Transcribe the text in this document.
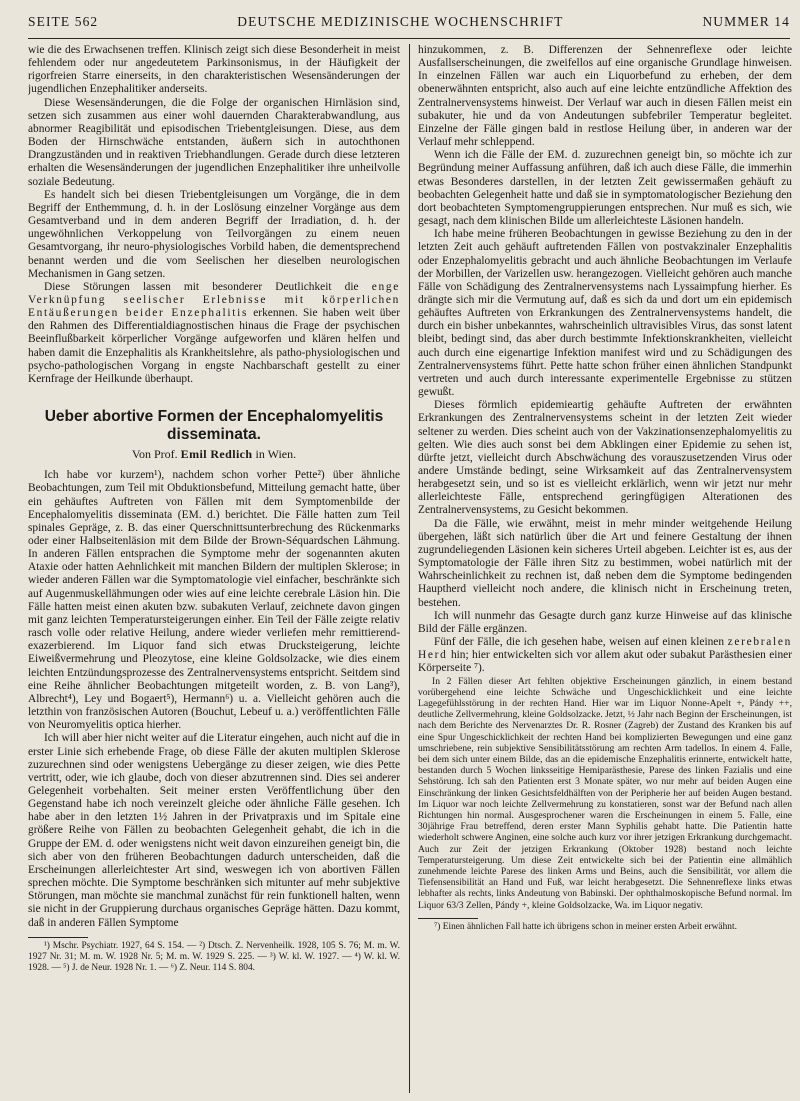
SEITE 562	DEUTSCHE MEDIZINISCHE WOCHENSCHRIFT	NUMMER 14

wie die des Erwachsenen treffen. Klinisch zeigt sich diese Besonderheit in meist fehlendem oder nur angedeutetem Parkinsonismus, in der Häufigkeit der rigorfreien Starre einerseits, in den charakteristischen Wesensänderungen der jugendlichen Enzephalitiker anderseits.

Diese Wesensänderungen, die die Folge der organischen Hirnläsion sind, setzen sich zusammen aus einer wohl dauernden Charakterabwandlung, aus abnormer Reagibilität und episodischen Triebentgleisungen. Diese, aus dem Boden der Hirnschwäche entstanden, äußern sich in autochthonen Drangzuständen und in reaktiven Triebhandlungen. Gerade durch diese letzteren erhalten die Wesensänderungen der jugendlichen Enzephalitiker ihre unheilvolle soziale Bedeutung.

Es handelt sich bei diesen Triebentgleisungen um Vorgänge, die in dem Begriff der Enthemmung, d. h. in der Loslösung einzelner Vorgänge aus dem Gesamtverband und in dem anderen Begriff der Irradiation, d. h. der ungewöhnlichen Verkoppelung von Teilvorgängen zu einem neuen Gesamtvorgang, ihr neuro-physiologisches Vorbild haben, die dementsprechend benannt werden und die vom Seelischen her dieselben neurologischen Mechanismen in Gang setzen.

Diese Störungen lassen mit besonderer Deutlichkeit die enge Verknüpfung seelischer Erlebnisse mit körperlichen Entäußerungen beider Enzephalitis erkennen. Sie haben weit über den Rahmen des Differentialdiagnostischen hinaus die Frage der psychischen Beeinflußbarkeit körperlicher Vorgänge aufgeworfen und klären helfen und haben damit die Enzephalitis als Krankheitslehre, als patho-physiologischen und psycho-pathologischen Vorgang in engste Nachbarschaft gestellt zu einer Kernfrage der Heilkunde überhaupt.

Ueber abortive Formen der Encephalomyelitis disseminata.
Von Prof. Emil Redlich in Wien.

Ich habe vor kurzem¹), nachdem schon vorher Pette²) über ähnliche Beobachtungen, zum Teil mit Obduktionsbefund, Mitteilung gemacht hatte, über ein gehäuftes Auftreten von Fällen mit dem Symptomenbilde der Encephalomyelitis disseminata (EM. d.) berichtet. Die Fälle hatten zum Teil spinales Gepräge, z. B. das einer Querschnittsunterbrechung des Rückenmarks oder einer Halbseitenläsion mit dem Bilde der Brown-Séquardschen Lähmung. In anderen Fällen entsprachen die Symptome mehr der sogenannten akuten Ataxie oder hatten Aehnlichkeit mit manchen Bildern der multiplen Sklerose; in wieder anderen Fällen war die Symptomatologie viel einfacher, beschränkte sich auf Augenmuskellähmungen oder wies auf eine leichte cerebrale Läsion hin. Die Fälle hatten meist einen akuten bzw. subakuten Verlauf, zeichnete davon gingen mit ganz leichten Temperatursteigerungen einher. Ein Teil der Fälle zeigte relativ rasch volle oder relative Heilung, andere wieder verliefen mehr remittierend-exazerbierend. Im Liquor fand sich etwas Drucksteigerung, leichte Eiweißvermehrung und Pleozytose, eine kleine Goldsolzacke, wie dies einem leichten Entzündungsprozesse des Zentralnervensystems entspricht. Seitdem sind eine Reihe ähnlicher Beobachtungen mitgeteilt worden, z. B. von Lang³), Albrecht⁴), Ley und Bogaert⁵), Hermann⁶) u. a. Vielleicht gehören auch die letzthin von französischen Autoren (Bouchut, Lebeuf u. a.) veröffentlichten Fälle von Neuromyelitis optica hierher.

Ich will aber hier nicht weiter auf die Literatur eingehen, auch nicht auf die in erster Linie sich erhebende Frage, ob diese Fälle der akuten multiplen Sklerose zuzurechnen sind oder wenigstens Uebergänge zu dieser zeigen, wie dies Pette vertritt, oder, wie ich glaube, doch von dieser abzutrennen sind. Dies sei anderer Gelegenheit vorbehalten. Seit meiner ersten Veröffentlichung über den Gegenstand habe ich noch vereinzelt gleiche oder ähnliche Fälle gesehen. Ich habe aber in den letzten 1½ Jahren in der Privatpraxis und im Spitale eine größere Reihe von Fällen zu beobachten Gelegenheit gehabt, die ich in die Gruppe der EM. d. oder wenigstens nicht weit davon einzureihen geneigt bin, die sich aber von den früheren Beobachtungen dadurch unterscheiden, daß die Erscheinungen allerleichtester Art sind, weswegen ich von abortiven Fällen sprechen möchte. Die Symptome beschränken sich mitunter auf mehr subjektive Störungen, man möchte sie manchmal zunächst für rein funktionell halten, wenn sie nicht in der Gruppierung durchaus organisches Gepräge hätten. Dazu kommt, daß in anderen Fällen Symptome

¹) Mschr. Psychiatr. 1927, 64 S. 154. — ²) Dtsch. Z. Nervenheilk. 1928, 105 S. 76; M. m. W. 1927 Nr. 31; M. m. W. 1928 Nr. 5; M. m. W. 1929 S. 225. — ³) W. kl. W. 1927. — ⁴) W. kl. W. 1928. — ⁵) J. de Neur. 1928 Nr. 1. — ⁶) Z. Neur. 114 S. 804.

hinzukommen, z. B. Differenzen der Sehnenreflexe oder leichte Ausfallserscheinungen, die zweifellos auf eine organische Grundlage hinweisen. In einzelnen Fällen war auch ein Liquorbefund zu erheben, der dem obenerwähnten entspricht, also auch auf eine leichte entzündliche Affektion des Zentralnervensystems hinweist. Der Verlauf war auch in diesen Fällen meist ein subakuter, hie und da von Andeutungen subfebriler Temperatur begleitet. Einzelne der Fälle gingen bald in restlose Heilung über, in anderen war der Verlauf mehr schleppend.

Wenn ich die Fälle der EM. d. zuzurechnen geneigt bin, so möchte ich zur Begründung meiner Auffassung anführen, daß ich auch diese Fälle, die immerhin etwas Besonderes darstellen, in der letzten Zeit gewissermaßen gehäuft zu beobachten Gelegenheit hatte und daß sie in symptomatologischer Beziehung den dort beobachteten Symptomengruppierungen entsprechen. Nur muß es sich, wie gesagt, nach dem klinischen Bilde um allerleichteste Läsionen handeln.

Ich habe meine früheren Beobachtungen in gewisse Beziehung zu den in der letzten Zeit auch gehäuft auftretenden Fällen von postvakzinaler Enzephalitis oder Enzephalomyelitis gebracht und auch ähnliche Beobachtungen im Verlaufe der Morbillen, der Varizellen usw. herangezogen. Vielleicht gehören auch manche Fälle von Schädigung des Zentralnervensystems nach Lyssaimpfung hierher. Es drängte sich mir die Vermutung auf, daß es sich da und dort um ein epidemisch gehäuftes Auftreten von Erkrankungen des Zentralnervensystems handelt, die durch ein bisher unbekanntes, wahrscheinlich ultravisibles Virus, das sonst latent bleibt, bedingt sind, das aber durch bestimmte Infektionskrankheiten, vielleicht auch durch eine eigenartige Infektion manifest wird und zu Schädigungen des Zentralnervensystems führt. Pette hatte schon früher einen ähnlichen Standpunkt vertreten und auch durch interessante experimentelle Ergebnisse zu stützen gewußt.

Dieses förmlich epidemieartig gehäufte Auftreten der erwähnten Erkrankungen des Zentralnervensystems scheint in der letzten Zeit wieder seltener zu werden. Dies scheint auch von der Vakzinationsenzephalomyelitis zu gelten. Wie dies auch sonst bei dem Abklingen einer Epidemie zu sehen ist, dürfte jetzt, vielleicht durch Abschwächung des vorauszusetzenden Virus oder andere Umstände bedingt, seine Wirksamkeit auf das Zentralnervensystem herabgesetzt sein, und so ist es vielleicht erklärlich, wenn wir jetzt nur mehr allerleichteste Fälle, entsprechend geringfügigen Alterationen des Zentralnervensystems, zu Gesicht bekommen.

Da die Fälle, wie erwähnt, meist in mehr minder weitgehende Heilung übergehen, läßt sich natürlich über die Art und feinere Gestaltung der ihnen zugrundeliegenden Läsionen kein sicheres Urteil abgeben. Leichter ist es, aus der Symptomatologie der Fälle ihren Sitz zu bestimmen, wobei natürlich mit der Wahrscheinlichkeit zu rechnen ist, daß neben dem die Symptome bedingenden Hauptherd vielleicht noch andere, die klinisch nicht in Erscheinung treten, bestehen.

Ich will nunmehr das Gesagte durch ganz kurze Hinweise auf das klinische Bild der Fälle ergänzen.

Fünf der Fälle, die ich gesehen habe, weisen auf einen kleinen zerebralen Herd hin; hier entwickelten sich vor allem akut oder subakut Parästhesien einer Körperseite ⁷).

In 2 Fällen dieser Art fehlten objektive Erscheinungen gänzlich, in einem bestand vorübergehend eine leichte Schwäche und Ungeschicklichkeit und eine leichte Lagegefühlsstörung in der rechten Hand. Hier war im Liquor Nonne-Apelt +, Pándy ++, deutliche Zellvermehrung, kleine Goldsolzacke. Jetzt, ½ Jahr nach Beginn der Erscheinungen, ist nach dem Berichte des Nervenarztes Dr. R. Rosner (Zagreb) der Zustand des Kranken bis auf eine Spur Ungeschicklichkeit der rechten Hand bei komplizierten Bewegungen und eine ganz umschriebene, rein subjektive Sensibilitätsstörung am rechten Arm tadellos. In einem 4. Falle, bei dem sich unter einem Bilde, das an die epidemische Enzephalitis erinnerte, entwickelt hatte, bestanden durch 5 Wochen linksseitige Hemiparästhesie, Parese des linken Fazialis und eine Sehstörung. Ich sah den Patienten erst 3 Monate später, wo nur mehr auf beiden Augen eine Einschränkung der linken Gesichtsfeldhälften von der Peripherie her auf beiden Augen bestand. Im Liquor war noch leichte Zellvermehrung zu konstatieren, sonst war der Befund nach allen Richtungen hin normal. Ausgesprochener waren die Erscheinungen in einem 5. Falle, eine 30jährige Frau betreffend, deren erster Mann Syphilis gehabt hatte. Die Patientin hatte wiederholt schwere Anginen, eine solche auch kurz vor ihrer jetzigen Erkrankung durchgemacht. Auch zur Zeit der jetzigen Erkrankung (Oktober 1928) bestand noch leichte Temperatursteigerung. Um diese Zeit entwickelte sich bei der Patientin eine allmählich zunehmende leichte Parese des linken Arms und Beins, auch die Sensibilität, vor allem die Tiefensensibilität an Hand und Fuß, war leicht herabgesetzt. Die Sehnenreflexe links etwas lebhafter als rechts, links Andeutung von Babinski. Der ophthalmoskopische Befund normal. Im Liquor 63/3 Zellen, Pándy +, kleine Goldsolzacke, Wa. im Liquor negativ.

⁷) Einen ähnlichen Fall hatte ich übrigens schon in meiner ersten Arbeit erwähnt.
